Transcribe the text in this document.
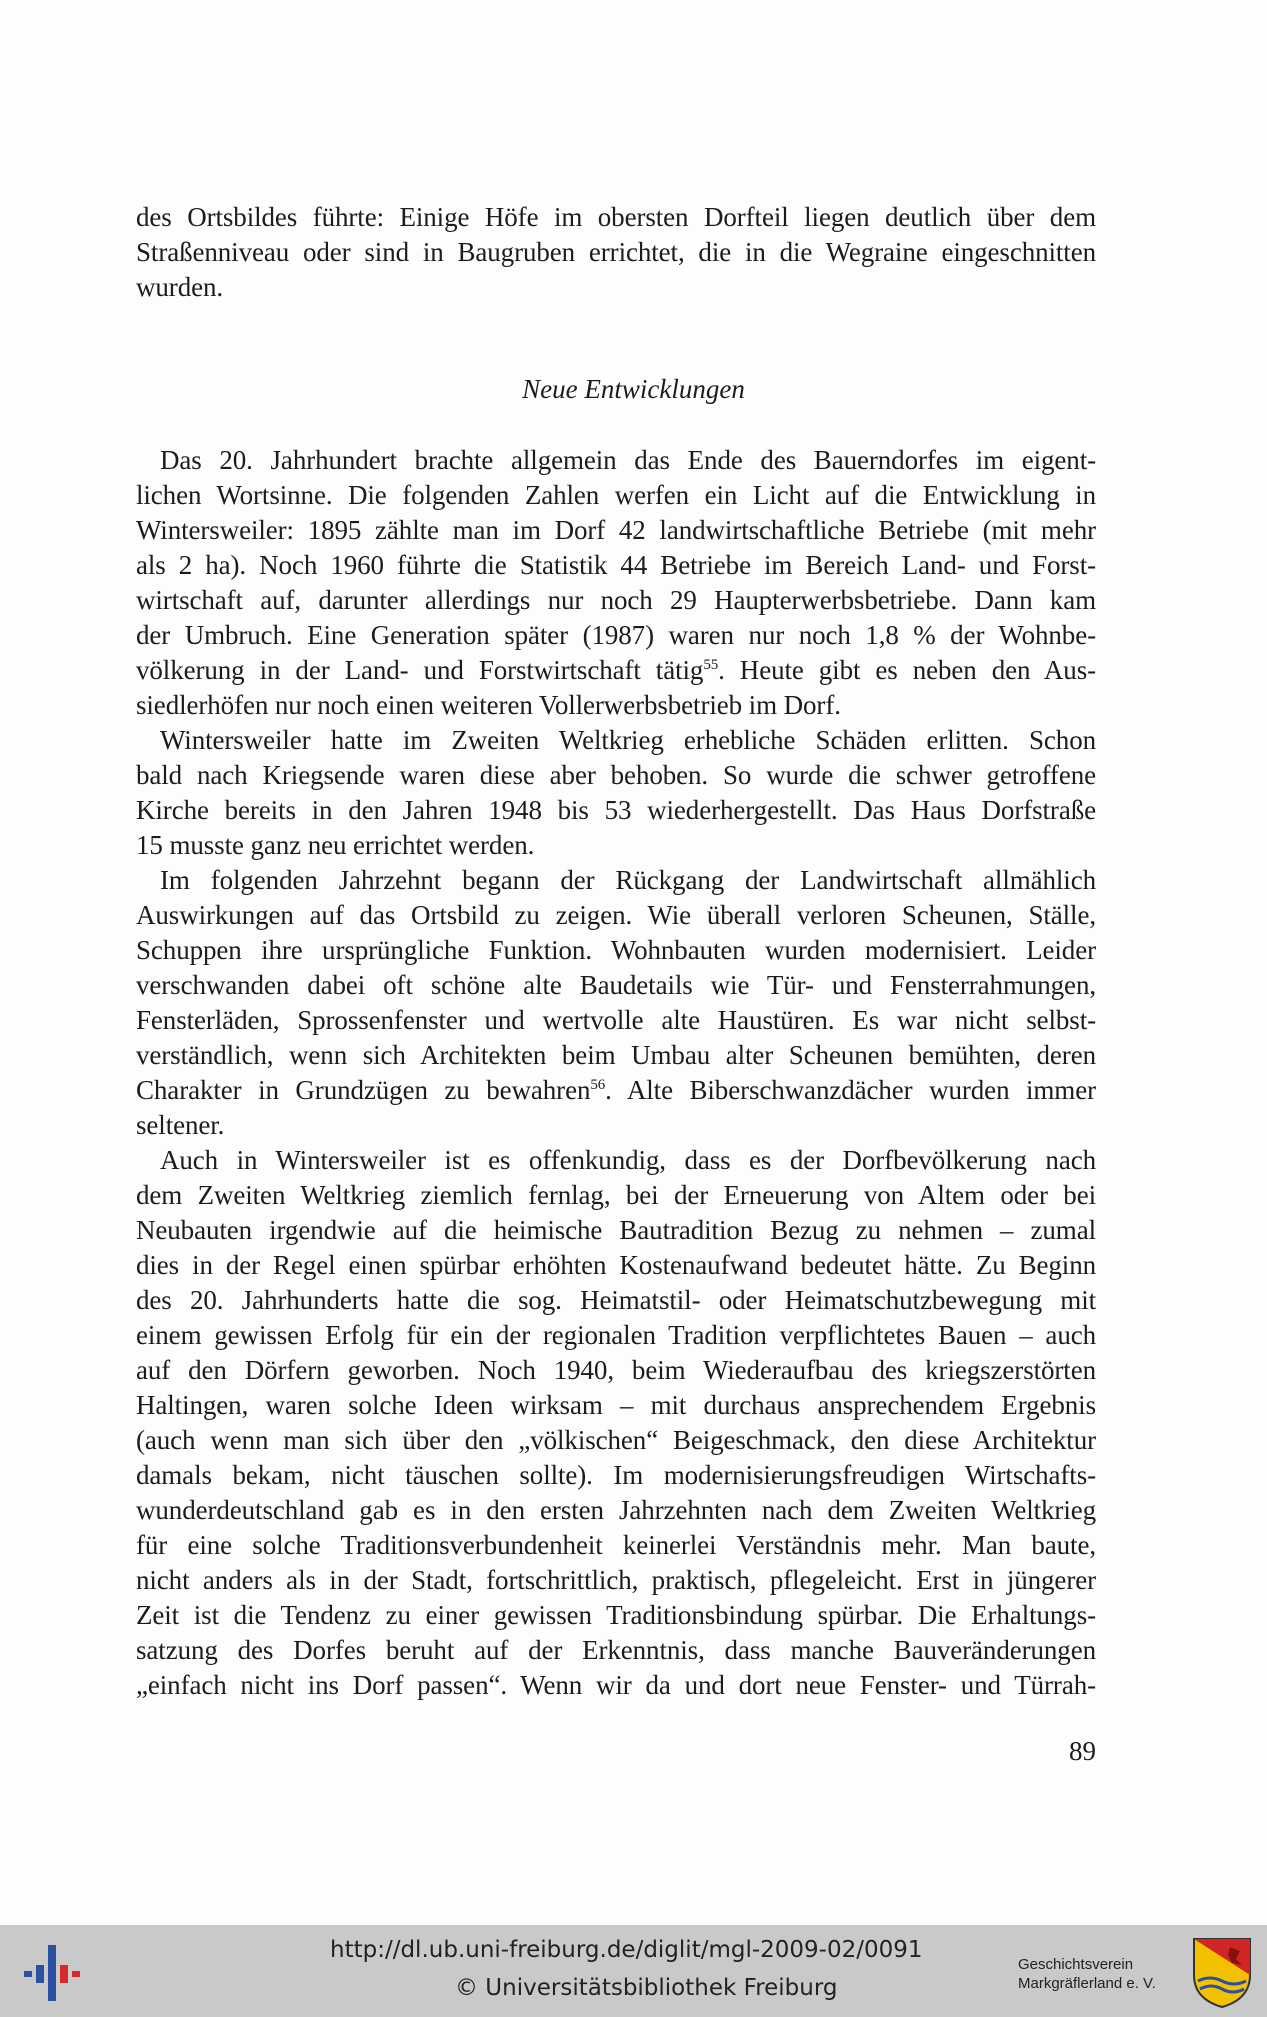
des Ortsbildes führte: Einige Höfe im obersten Dorfteil liegen deutlich über dem

Straßenniveau oder sind in Baugruben errichtet, die in die Wegraine eingeschnitten

wurden.

Neue Entwicklungen

Das 20. Jahrhundert brachte allgemein das Ende des Bauerndorfes im eigent-

lichen Wortsinne. Die folgenden Zahlen werfen ein Licht auf die Entwicklung in

Wintersweiler: 1895 zählte man im Dorf 42 landwirtschaftliche Betriebe (mit mehr

als 2 ha). Noch 1960 führte die Statistik 44 Betriebe im Bereich Land- und Forst-

wirtschaft auf, darunter allerdings nur noch 29 Haupterwerbsbetriebe. Dann kam

der Umbruch. Eine Generation später (1987) waren nur noch 1,8 % der Wohnbe-

völkerung in der Land- und Forstwirtschaft tätig$^{55}$. Heute gibt es neben den Aus-

siedlerhöfen nur noch einen weiteren Vollerwerbsbetrieb im Dorf.

Wintersweiler hatte im Zweiten Weltkrieg erhebliche Schäden erlitten. Schon

bald nach Kriegsende waren diese aber behoben. So wurde die schwer getroffene

Kirche bereits in den Jahren 1948 bis 53 wiederhergestellt. Das Haus Dorfstraße

15 musste ganz neu errichtet werden.

Im folgenden Jahrzehnt begann der Rückgang der Landwirtschaft allmählich

Auswirkungen auf das Ortsbild zu zeigen. Wie überall verloren Scheunen, Ställe,

Schuppen ihre ursprüngliche Funktion. Wohnbauten wurden modernisiert. Leider

verschwanden dabei oft schöne alte Baudetails wie Tür- und Fensterrahmungen,

Fensterläden, Sprossenfenster und wertvolle alte Haustüren. Es war nicht selbst-

verständlich, wenn sich Architekten beim Umbau alter Scheunen bemühten, deren

Charakter in Grundzügen zu bewahren$^{56}$. Alte Biberschwanzdächer wurden immer

seltener.

Auch in Wintersweiler ist es offenkundig, dass es der Dorfbevölkerung nach

dem Zweiten Weltkrieg ziemlich fernlag, bei der Erneuerung von Altem oder bei

Neubauten irgendwie auf die heimische Bautradition Bezug zu nehmen – zumal

dies in der Regel einen spürbar erhöhten Kostenaufwand bedeutet hätte. Zu Beginn

des 20. Jahrhunderts hatte die sog. Heimatstil- oder Heimatschutzbewegung mit

einem gewissen Erfolg für ein der regionalen Tradition verpflichtetes Bauen – auch

auf den Dörfern geworben. Noch 1940, beim Wiederaufbau des kriegszerstörten

Haltingen, waren solche Ideen wirksam – mit durchaus ansprechendem Ergebnis

(auch wenn man sich über den „völkischen“ Beigeschmack, den diese Architektur

damals bekam, nicht täuschen sollte). Im modernisierungsfreudigen Wirtschafts-

wunderdeutschland gab es in den ersten Jahrzehnten nach dem Zweiten Weltkrieg

für eine solche Traditionsverbundenheit keinerlei Verständnis mehr. Man baute,

nicht anders als in der Stadt, fortschrittlich, praktisch, pflegeleicht. Erst in jüngerer

Zeit ist die Tendenz zu einer gewissen Traditionsbindung spürbar. Die Erhaltungs-

satzung des Dorfes beruht auf der Erkenntnis, dass manche Bauveränderungen

„einfach nicht ins Dorf passen“. Wenn wir da und dort neue Fenster- und Türrah-

89
http://dl.ub.uni-freiburg.de/diglit/mgl-2009-02/0091
© Universitätsbibliothek Freiburg
Geschichtsverein
Markgräflerland e. V.
